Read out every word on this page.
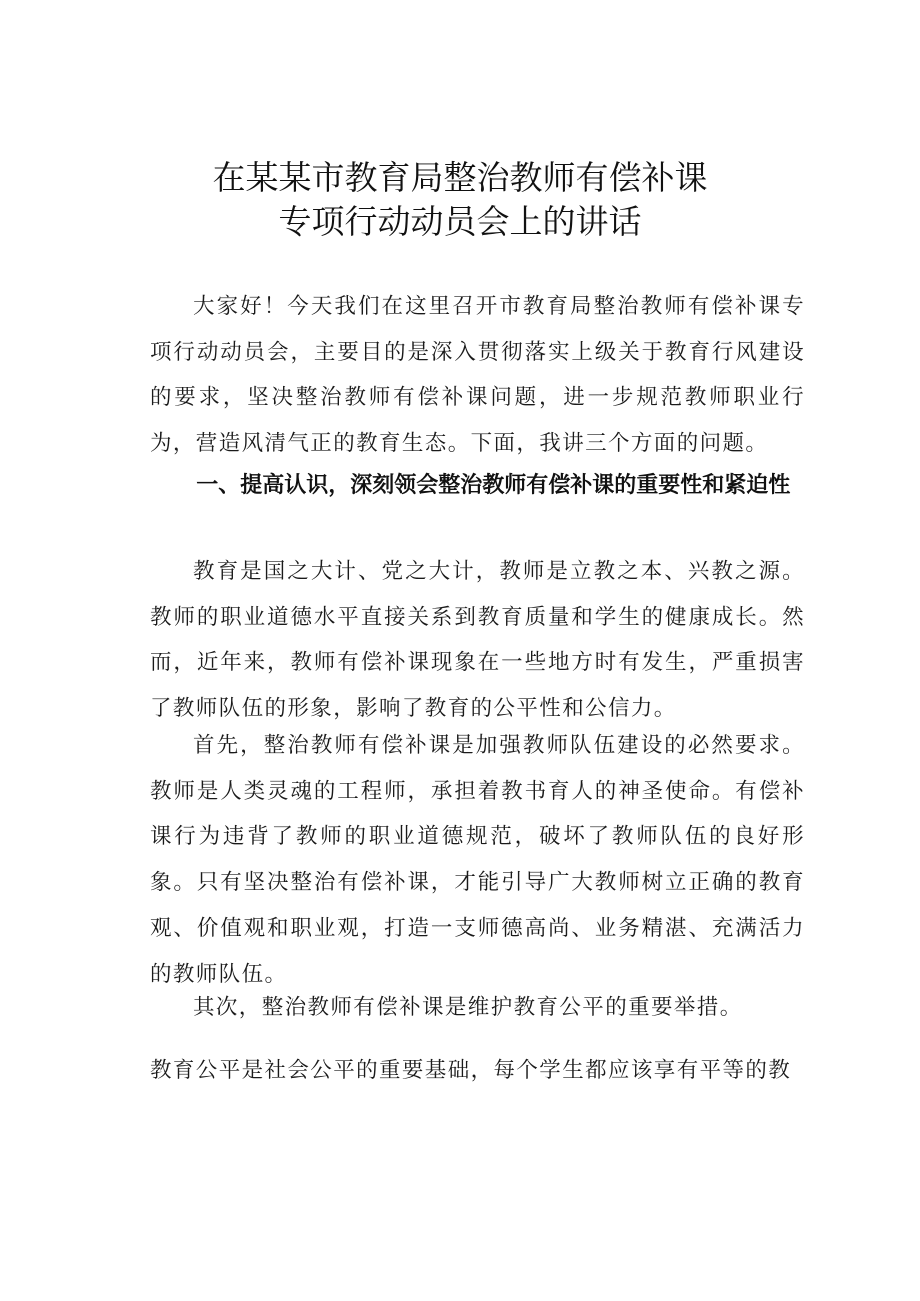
在某某市教育局整治教师有偿补课
专项行动动员会上的讲话

大家好！今天我们在这里召开市教育局整治教师有偿补课专项行动动员会，主要目的是深入贯彻落实上级关于教育行风建设的要求，坚决整治教师有偿补课问题，进一步规范教师职业行为，营造风清气正的教育生态。下面，我讲三个方面的问题。

一、提高认识，深刻领会整治教师有偿补课的重要性和紧迫性

教育是国之大计、党之大计，教师是立教之本、兴教之源。教师的职业道德水平直接关系到教育质量和学生的健康成长。然而，近年来，教师有偿补课现象在一些地方时有发生，严重损害了教师队伍的形象，影响了教育的公平性和公信力。

首先，整治教师有偿补课是加强教师队伍建设的必然要求。教师是人类灵魂的工程师，承担着教书育人的神圣使命。有偿补课行为违背了教师的职业道德规范，破坏了教师队伍的良好形象。只有坚决整治有偿补课，才能引导广大教师树立正确的教育观、价值观和职业观，打造一支师德高尚、业务精湛、充满活力的教师队伍。

其次，整治教师有偿补课是维护教育公平的重要举措。

教育公平是社会公平的重要基础，每个学生都应该享有平等的教
